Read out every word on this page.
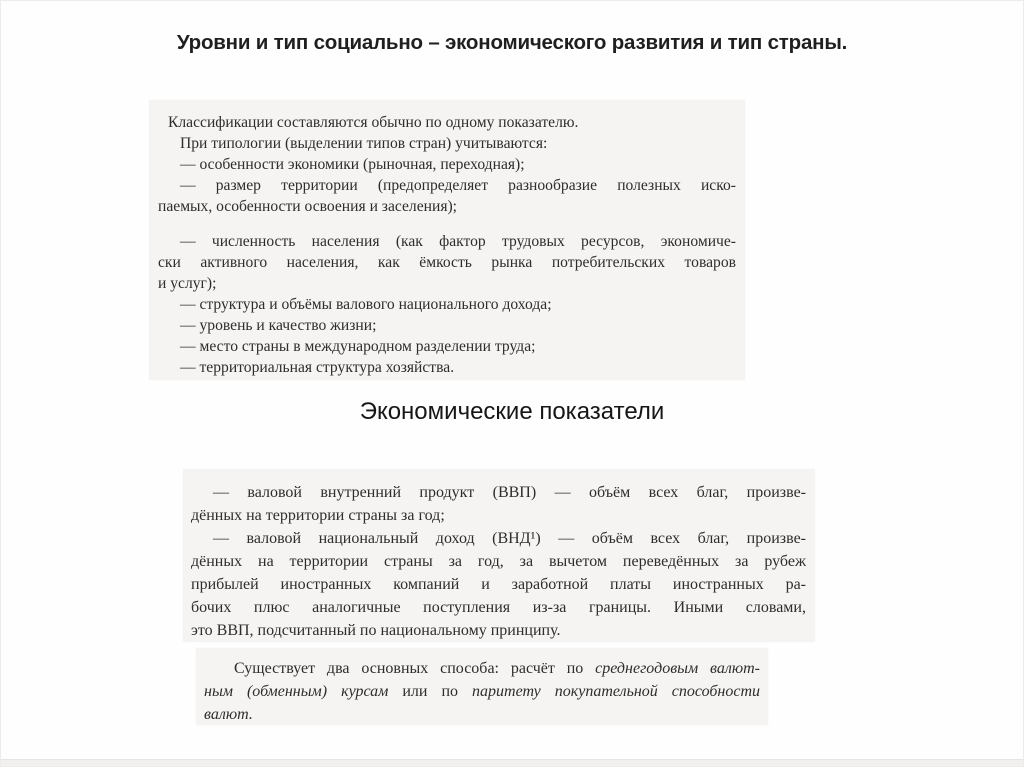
Уровни и тип социально – экономического развития и тип страны.
Классификации составляются обычно по одному показателю.
При типологии (выделении типов стран) учитываются:
— особенности экономики (рыночная, переходная);
— размер территории (предопределяет разнообразие полезных иско-
паемых, особенности освоения и заселения);
— численность населения (как фактор трудовых ресурсов, экономиче-
ски активного населения, как ёмкость рынка потребительских товаров
и услуг);
— структура и объёмы валового национального дохода;
— уровень и качество жизни;
— место страны в международном разделении труда;
— территориальная структура хозяйства.
Экономические показатели
— валовой внутренний продукт (ВВП) — объём всех благ, произве-
дённых на территории страны за год;
— валовой национальный доход (ВНД¹) — объём всех благ, произве-
дённых на территории страны за год, за вычетом переведённых за рубеж
прибылей иностранных компаний и заработной платы иностранных ра-
бочих плюс аналогичные поступления из-за границы. Иными словами,
это ВВП, подсчитанный по национальному принципу.
Существует два основных способа: расчёт по среднегодовым валют-
ным (обменным) курсам или по паритету покупательной способности
валют.
